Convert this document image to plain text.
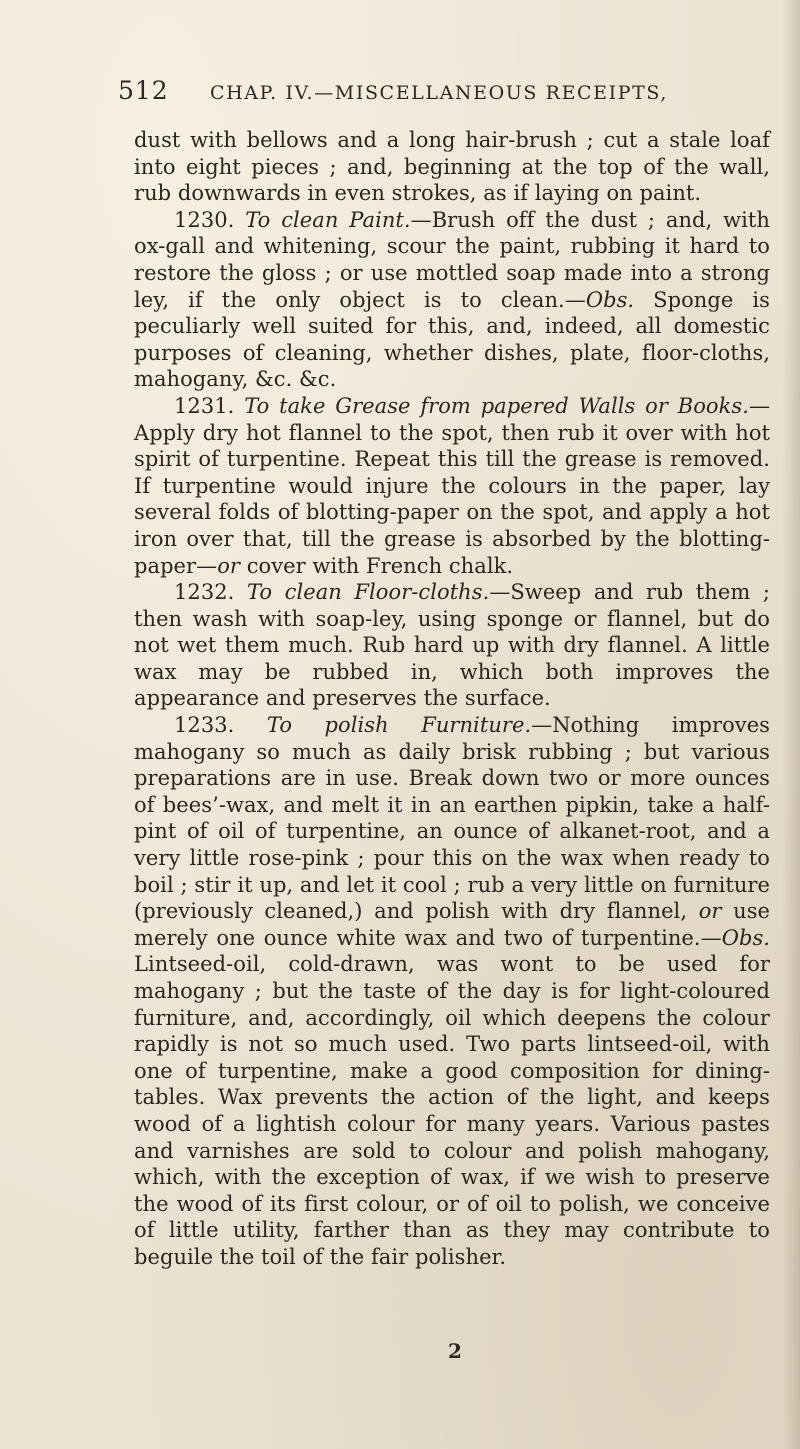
512	CHAP. IV.—MISCELLANEOUS RECEIPTS,

dust with bellows and a long hair-brush ; cut a stale loaf into eight pieces ; and, beginning at the top of the wall, rub downwards in even strokes, as if laying on paint.

1230. To clean Paint.—Brush off the dust ; and, with ox-gall and whitening, scour the paint, rubbing it hard to restore the gloss ; or use mottled soap made into a strong ley, if the only object is to clean.—Obs. Sponge is peculiarly well suited for this, and, indeed, all domestic purposes of cleaning, whether dishes, plate, floor-cloths, mahogany, &c. &c.

1231. To take Grease from papered Walls or Books.—Apply dry hot flannel to the spot, then rub it over with hot spirit of turpentine. Repeat this till the grease is removed. If turpentine would injure the colours in the paper, lay several folds of blotting-paper on the spot, and apply a hot iron over that, till the grease is absorbed by the blotting-paper—or cover with French chalk.

1232. To clean Floor-cloths.—Sweep and rub them ; then wash with soap-ley, using sponge or flannel, but do not wet them much. Rub hard up with dry flannel. A little wax may be rubbed in, which both improves the appearance and preserves the surface.

1233. To polish Furniture.—Nothing improves mahogany so much as daily brisk rubbing ; but various preparations are in use. Break down two or more ounces of bees’-wax, and melt it in an earthen pipkin, take a half-pint of oil of turpentine, an ounce of alkanet-root, and a very little rose-pink ; pour this on the wax when ready to boil ; stir it up, and let it cool ; rub a very little on furniture (previously cleaned,) and polish with dry flannel, or use merely one ounce white wax and two of turpentine.—Obs. Lintseed-oil, cold-drawn, was wont to be used for mahogany ; but the taste of the day is for light-coloured furniture, and, accordingly, oil which deepens the colour rapidly is not so much used. Two parts lintseed-oil, with one of turpentine, make a good composition for dining-tables. Wax prevents the action of the light, and keeps wood of a lightish colour for many years. Various pastes and varnishes are sold to colour and polish mahogany, which, with the exception of wax, if we wish to preserve the wood of its first colour, or of oil to polish, we conceive of little utility, farther than as they may contribute to beguile the toil of the fair polisher.

2
